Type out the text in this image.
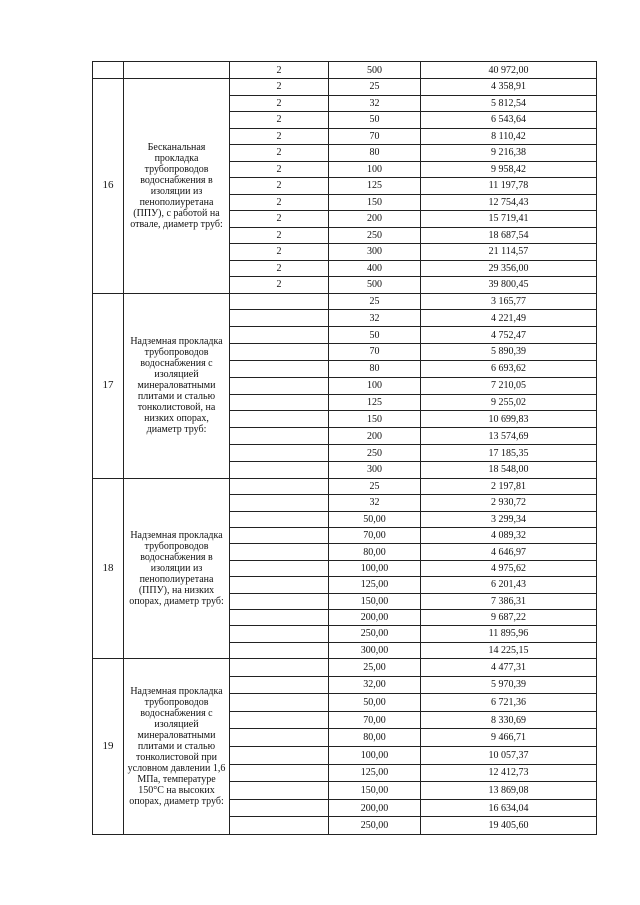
		2	500	40 972,00
16	Бесканальная прокладка трубопроводов водоснабжения в изоляции из пенополиуретана (ППУ), с работой на отвале, диаметр труб:	2	25	4 358,91
		2	32	5 812,54
		2	50	6 543,64
		2	70	8 110,42
		2	80	9 216,38
		2	100	9 958,42
		2	125	11 197,78
		2	150	12 754,43
		2	200	15 719,41
		2	250	18 687,54
		2	300	21 114,57
		2	400	29 356,00
		2	500	39 800,45
17	Надземная прокладка трубопроводов водоснабжения с изоляцией минераловатными плитами и сталью тонколистовой, на низких опорах, диаметр труб:		25	3 165,77
			32	4 221,49
			50	4 752,47
			70	5 890,39
			80	6 693,62
			100	7 210,05
			125	9 255,02
			150	10 699,83
			200	13 574,69
			250	17 185,35
			300	18 548,00
18	Надземная прокладка трубопроводов водоснабжения в изоляции из пенополиуретана (ППУ), на низких опорах, диаметр труб:		25	2 197,81
			32	2 930,72
			50,00	3 299,34
			70,00	4 089,32
			80,00	4 646,97
			100,00	4 975,62
			125,00	6 201,43
			150,00	7 386,31
			200,00	9 687,22
			250,00	11 895,96
			300,00	14 225,15
19	Надземная прокладка трубопроводов водоснабжения с изоляцией минераловатными плитами и сталью тонколистовой при условном давлении 1,6 МПа, температуре 150°С на высоких опорах, диаметр труб:		25,00	4 477,31
			32,00	5 970,39
			50,00	6 721,36
			70,00	8 330,69
			80,00	9 466,71
			100,00	10 057,37
			125,00	12 412,73
			150,00	13 869,08
			200,00	16 634,04
			250,00	19 405,60
